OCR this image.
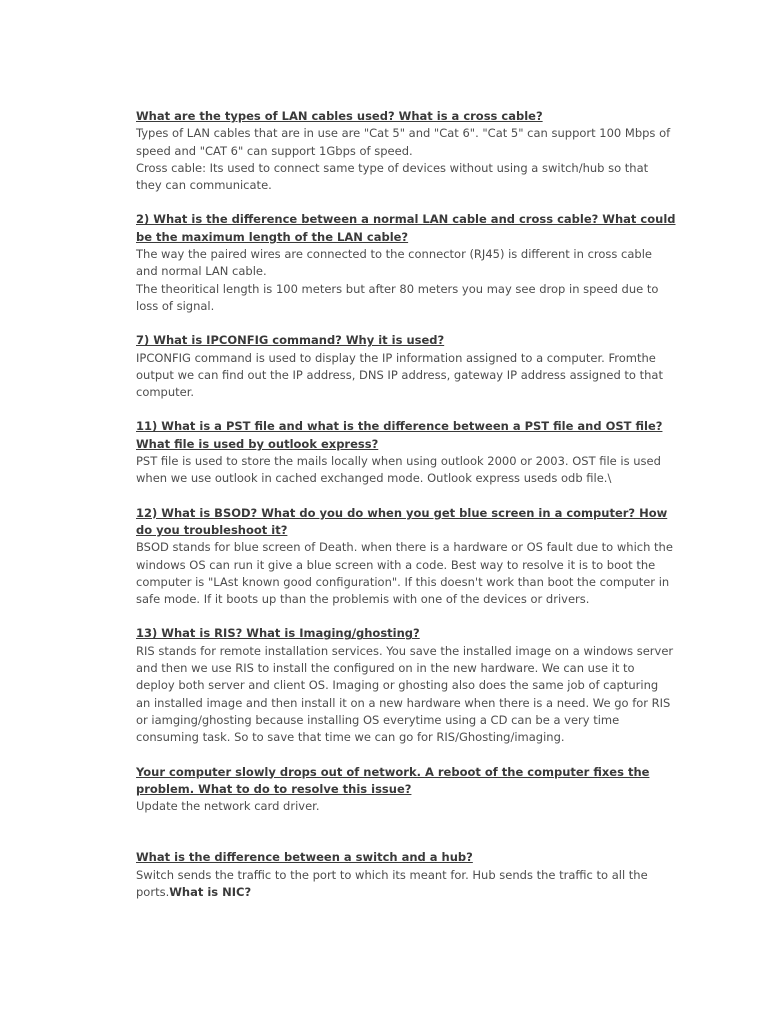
What are the types of LAN cables used? What is a cross cable?

Types of LAN cables that are in use are "Cat 5" and "Cat 6". "Cat 5" can support 100 Mbps of speed and "CAT 6" can support 1Gbps of speed.

Cross cable: Its used to connect same type of devices without using a switch/hub so that they can communicate.

2) What is the difference between a normal LAN cable and cross cable? What could be the maximum length of the LAN cable?

The way the paired wires are connected to the connector (RJ45) is different in cross cable and normal LAN cable.

The theoritical length is 100 meters but after 80 meters you may see drop in speed due to loss of signal.

7) What is IPCONFIG command? Why it is used?

IPCONFIG command is used to display the IP information assigned to a computer. Fromthe output we can find out the IP address, DNS IP address, gateway IP address assigned to that computer.

11) What is a PST file and what is the difference between a PST file and OST file? What file is used by outlook express?

PST file is used to store the mails locally when using outlook 2000 or 2003. OST file is used when we use outlook in cached exchanged mode. Outlook express useds odb file.\

12) What is BSOD? What do you do when you get blue screen in a computer? How do you troubleshoot it?

BSOD stands for blue screen of Death. when there is a hardware or OS fault due to which the windows OS can run it give a blue screen with a code. Best way to resolve it is to boot the computer is "LAst known good configuration". If this doesn't work than boot the computer in safe mode. If it boots up than the problemis with one of the devices or drivers.

13) What is RIS? What is Imaging/ghosting?

RIS stands for remote installation services. You save the installed image on a windows server and then we use RIS to install the configured on in the new hardware. We can use it to deploy both server and client OS. Imaging or ghosting also does the same job of capturing an installed image and then install it on a new hardware when there is a need. We go for RIS or iamging/ghosting because installing OS everytime using a CD can be a very time consuming task. So to save that time we can go for RIS/Ghosting/imaging.

Your computer slowly drops out of network. A reboot of the computer fixes the problem. What to do to resolve this issue?

Update the network card driver.

What is the difference between a switch and a hub?

Switch sends the traffic to the port to which its meant for. Hub sends the traffic to all the ports.What is NIC?
